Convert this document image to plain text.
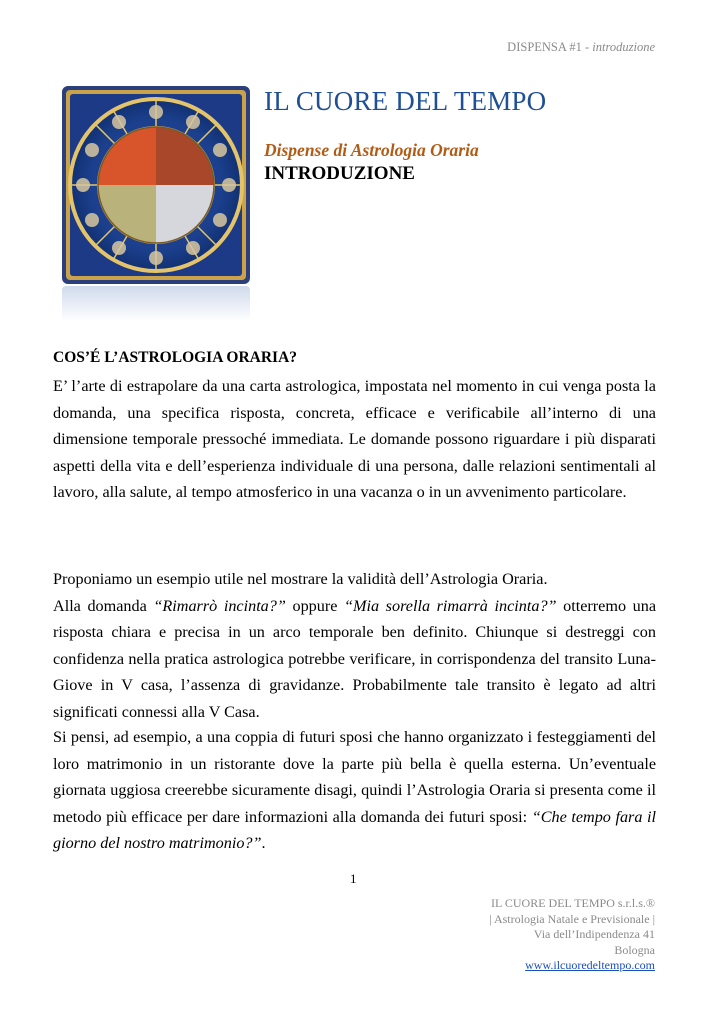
DISPENSA #1 - introduzione
IL CUORE DEL TEMPO
Dispense di Astrologia Oraria
INTRODUZIONE
COS’É L’ASTROLOGIA ORARIA?
E’ l’arte di estrapolare da una carta astrologica, impostata nel momento in cui venga posta la domanda, una specifica risposta, concreta, efficace e verificabile all’interno di una dimensione temporale pressoché immediata. Le domande possono riguardare i più disparati aspetti della vita e dell’esperienza individuale di una persona, dalle relazioni sentimentali al lavoro, alla salute, al tempo atmosferico in una vacanza o in un avvenimento particolare.
Proponiamo un esempio utile nel mostrare la validità dell’Astrologia Oraria.
Alla domanda “Rimarrò incinta?” oppure “Mia sorella rimarrà incinta?” otterremo una risposta chiara e precisa in un arco temporale ben definito. Chiunque si destreggi con confidenza nella pratica astrologica potrebbe verificare, in corrispondenza del transito Luna-Giove in V casa, l’assenza di gravidanze. Probabilmente tale transito è legato ad altri significati connessi alla V Casa.
Si pensi, ad esempio, a una coppia di futuri sposi che hanno organizzato i festeggiamenti del loro matrimonio in un ristorante dove la parte più bella è quella esterna. Un’eventuale giornata uggiosa creerebbe sicuramente disagi, quindi l’Astrologia Oraria si presenta come il metodo più efficace per dare informazioni alla domanda dei futuri sposi: “Che tempo fara il giorno del nostro matrimonio?”.
1
IL CUORE DEL TEMPO s.r.l.s.®
| Astrologia Natale e Previsionale |
Via dell’Indipendenza 41
Bologna
www.ilcuoredeltempo.com
